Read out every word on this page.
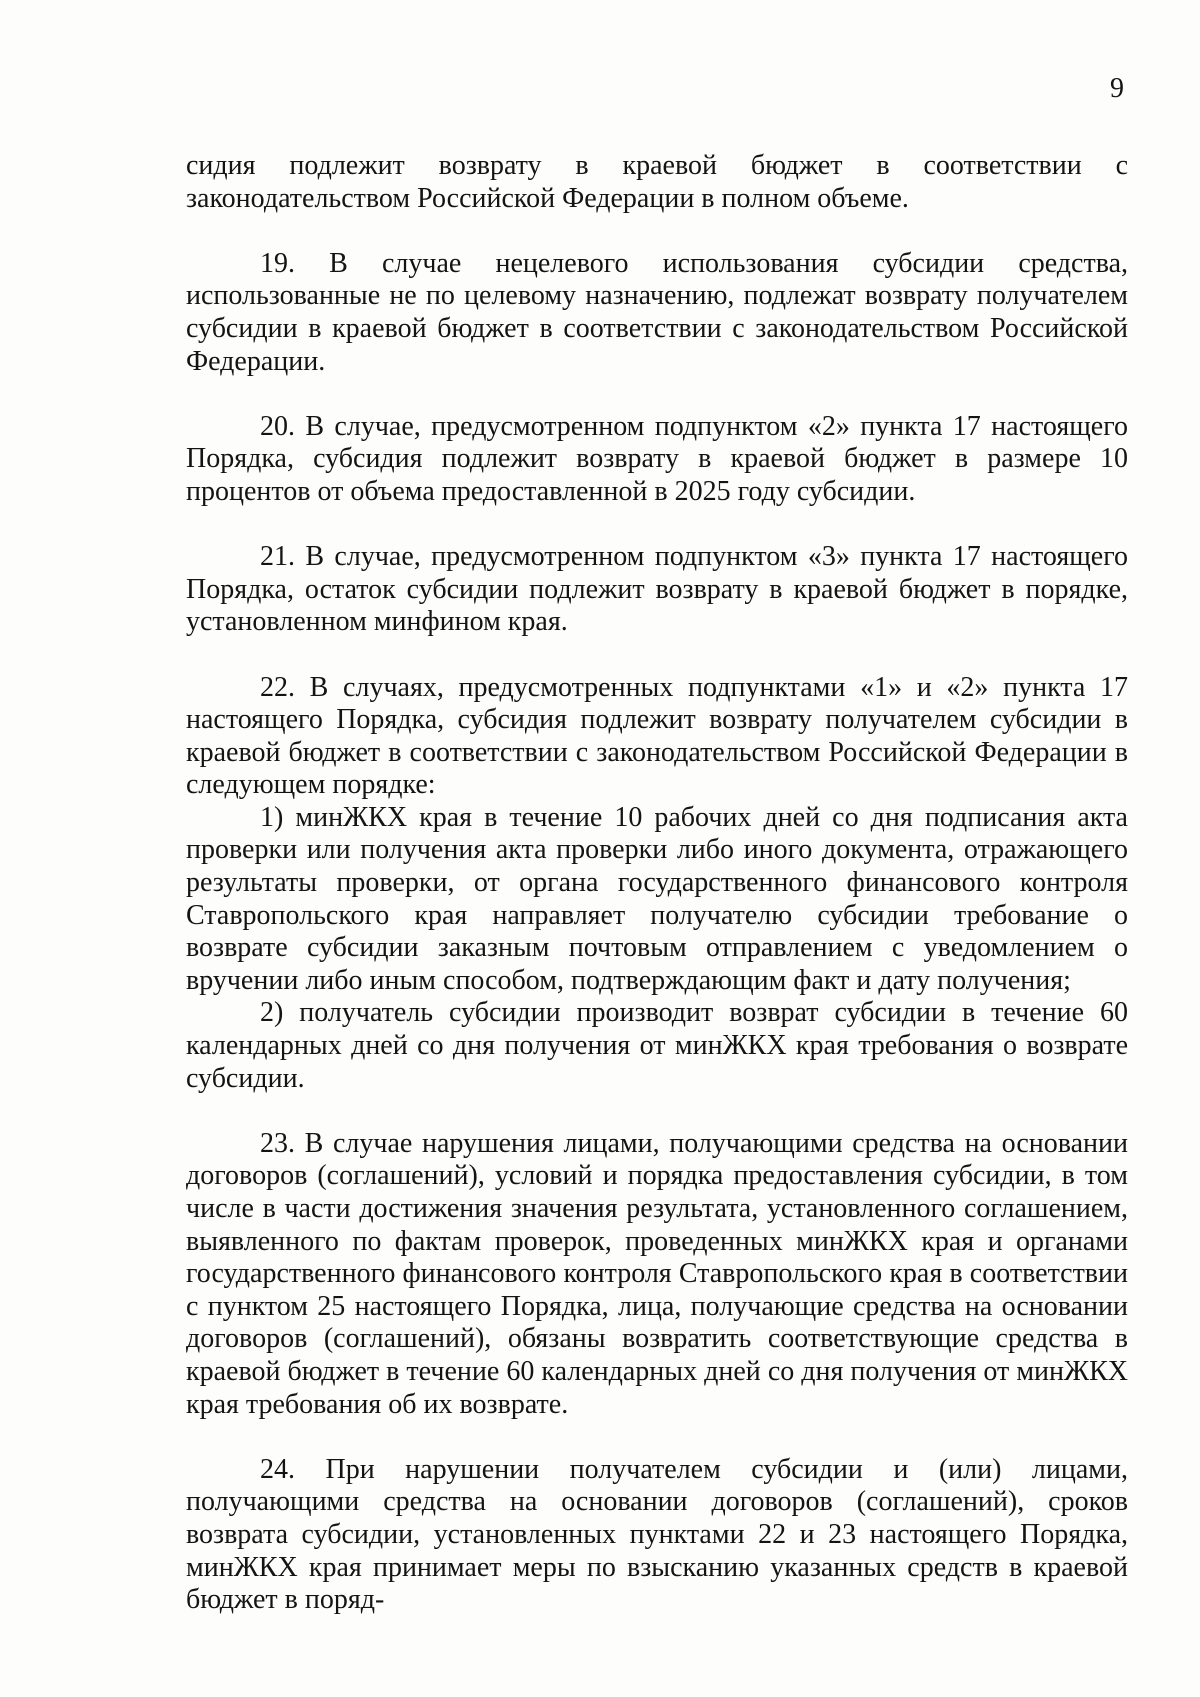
9

сидия подлежит возврату в краевой бюджет в соответствии с законодательством Российской Федерации в полном объеме.

19. В случае нецелевого использования субсидии средства, использованные не по целевому назначению, подлежат возврату получателем субсидии в краевой бюджет в соответствии с законодательством Российской Федерации.

20. В случае, предусмотренном подпунктом «2» пункта 17 настоящего Порядка, субсидия подлежит возврату в краевой бюджет в размере 10 процентов от объема предоставленной в 2025 году субсидии.

21. В случае, предусмотренном подпунктом «3» пункта 17 настоящего Порядка, остаток субсидии подлежит возврату в краевой бюджет в порядке, установленном минфином края.

22. В случаях, предусмотренных подпунктами «1» и «2» пункта 17 настоящего Порядка, субсидия подлежит возврату получателем субсидии в краевой бюджет в соответствии с законодательством Российской Федерации в следующем порядке:

1) минЖКХ края в течение 10 рабочих дней со дня подписания акта проверки или получения акта проверки либо иного документа, отражающего результаты проверки, от органа государственного финансового контроля Ставропольского края направляет получателю субсидии требование о возврате субсидии заказным почтовым отправлением с уведомлением о вручении либо иным способом, подтверждающим факт и дату получения;

2) получатель субсидии производит возврат субсидии в течение 60 календарных дней со дня получения от минЖКХ края требования о возврате субсидии.

23. В случае нарушения лицами, получающими средства на основании договоров (соглашений), условий и порядка предоставления субсидии, в том числе в части достижения значения результата, установленного соглашением, выявленного по фактам проверок, проведенных минЖКХ края и органами государственного финансового контроля Ставропольского края в соответствии с пунктом 25 настоящего Порядка, лица, получающие средства на основании договоров (соглашений), обязаны возвратить соответствующие средства в краевой бюджет в течение 60 календарных дней со дня получения от минЖКХ края требования об их возврате.

24. При нарушении получателем субсидии и (или) лицами, получающими средства на основании договоров (соглашений), сроков возврата субсидии, установленных пунктами 22 и 23 настоящего Порядка, минЖКХ края принимает меры по взысканию указанных средств в краевой бюджет в поряд-
